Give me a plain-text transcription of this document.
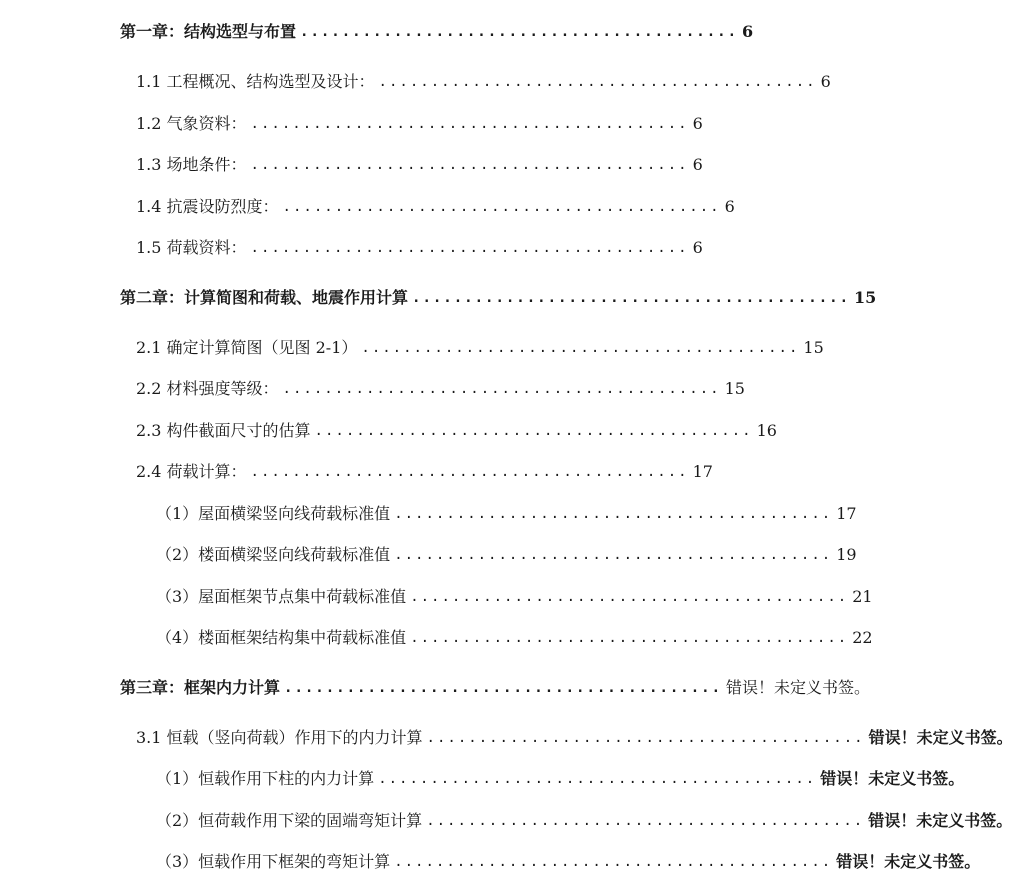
第一章：结构选型与布置 .......................................... 6
1.1 工程概况、结构选型及设计： .......................................... 6
1.2 气象资料： .......................................... 6
1.3 场地条件： .......................................... 6
1.4 抗震设防烈度： .......................................... 6
1.5 荷载资料： .......................................... 6
第二章：计算简图和荷载、地震作用计算 .......................................... 15
2.1 确定计算简图（见图 2-1） .......................................... 15
2.2 材料强度等级： .......................................... 15
2.3 构件截面尺寸的估算 .......................................... 16
2.4 荷载计算： .......................................... 17
（1）屋面横梁竖向线荷载标准值 .......................................... 17
（2）楼面横梁竖向线荷载标准值 .......................................... 19
（3）屋面框架节点集中荷载标准值 .......................................... 21
（4）楼面框架结构集中荷载标准值 .......................................... 22
第三章：框架内力计算 .......................................... 错误！未定义书签。
3.1 恒载（竖向荷载）作用下的内力计算 .......................................... 错误！未定义书签。
（1）恒载作用下柱的内力计算 .......................................... 错误！未定义书签。
（2）恒荷载作用下梁的固端弯矩计算 .......................................... 错误！未定义书签。
（3）恒载作用下框架的弯矩计算 .......................................... 错误！未定义书签。
